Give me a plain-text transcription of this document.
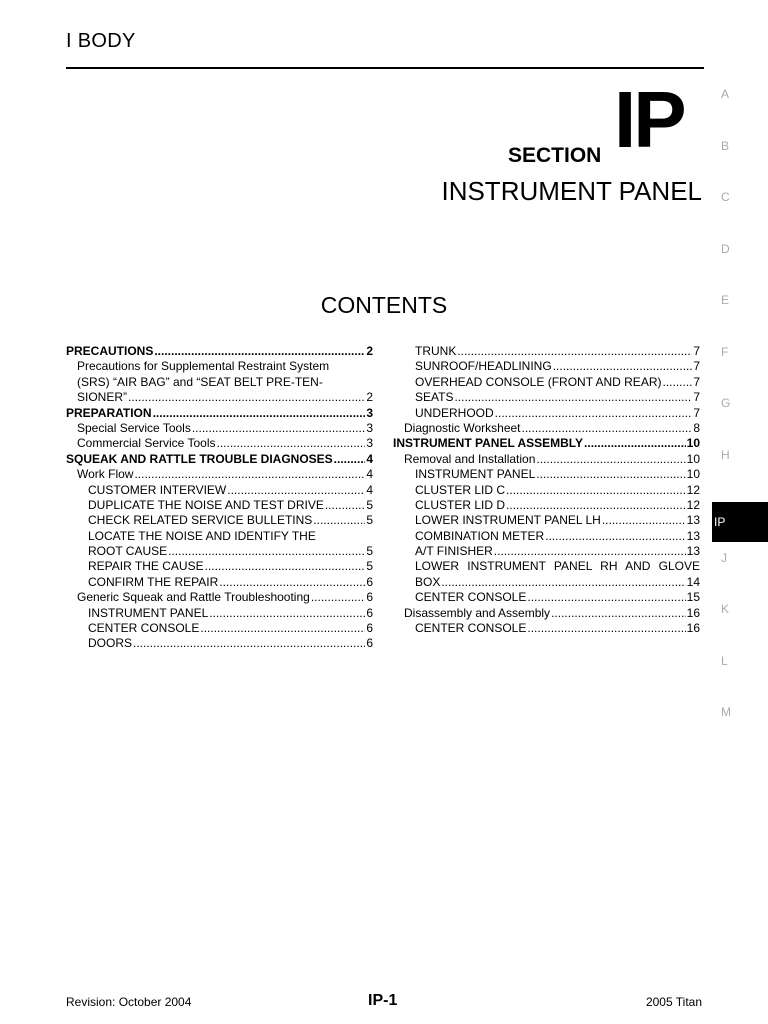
I BODY
SECTION IP
INSTRUMENT PANEL
CONTENTS
PRECAUTIONS .....	2
Precautions for Supplemental Restraint System
(SRS) “AIR BAG” and “SEAT BELT PRE-TEN-
SIONER” .....	2
PREPARATION .....	3
Special Service Tools .....	3
Commercial Service Tools .....	3
SQUEAK AND RATTLE TROUBLE DIAGNOSES .....	4
Work Flow .....	4
CUSTOMER INTERVIEW .....	4
DUPLICATE THE NOISE AND TEST DRIVE .....	5
CHECK RELATED SERVICE BULLETINS .....	5
LOCATE THE NOISE AND IDENTIFY THE
ROOT CAUSE .....	5
REPAIR THE CAUSE .....	5
CONFIRM THE REPAIR .....	6
Generic Squeak and Rattle Troubleshooting .....	6
INSTRUMENT PANEL .....	6
CENTER CONSOLE .....	6
DOORS .....	6
TRUNK .....	7
SUNROOF/HEADLINING .....	7
OVERHEAD CONSOLE (FRONT AND REAR) .....	7
SEATS .....	7
UNDERHOOD .....	7
Diagnostic Worksheet .....	8
INSTRUMENT PANEL ASSEMBLY .....	10
Removal and Installation .....	10
INSTRUMENT PANEL .....	10
CLUSTER LID C .....	12
CLUSTER LID D .....	12
LOWER INSTRUMENT PANEL LH .....	13
COMBINATION METER .....	13
A/T FINISHER .....	13
LOWER INSTRUMENT PANEL RH AND GLOVE
BOX .....	14
CENTER CONSOLE .....	15
Disassembly and Assembly .....	16
CENTER CONSOLE .....	16
A
B
C
D
E
F
G
H
IP
J
K
L
M
Revision: October 2004	IP-1	2005 Titan
